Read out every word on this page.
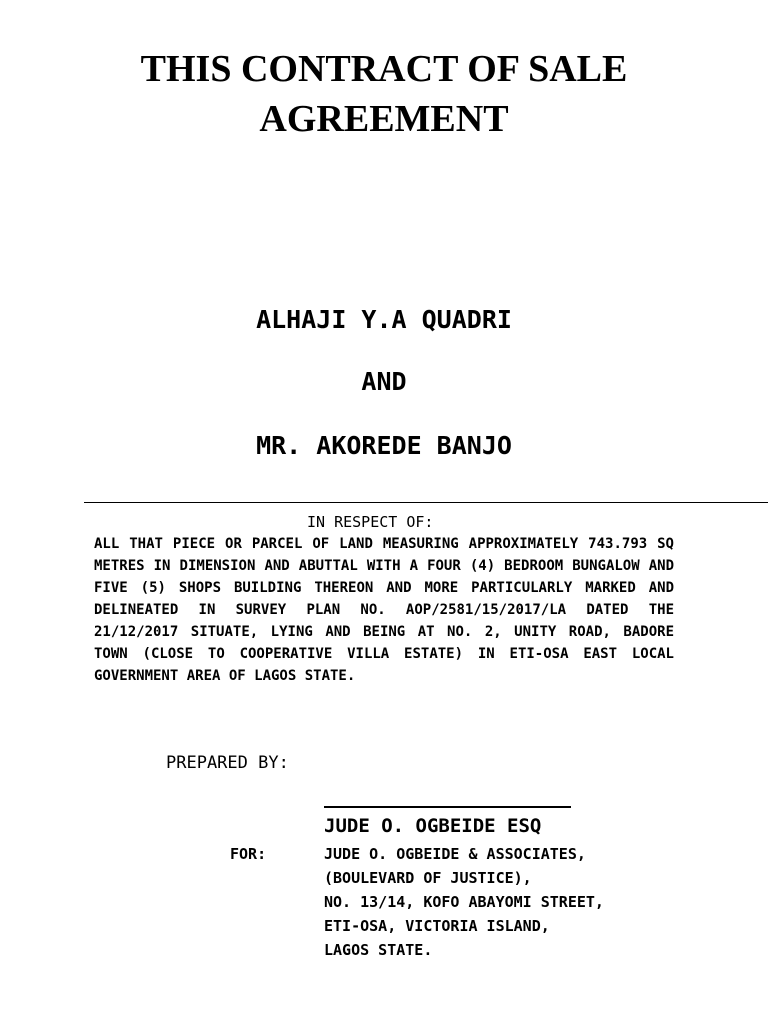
THIS CONTRACT OF SALE
AGREEMENT
ALHAJI Y.A QUADRI
AND
MR. AKOREDE BANJO
IN RESPECT OF:

ALL THAT PIECE OR PARCEL OF LAND MEASURING APPROXIMATELY 743.793 SQ METRES IN DIMENSION AND ABUTTAL WITH A FOUR (4) BEDROOM BUNGALOW AND FIVE (5) SHOPS BUILDING THEREON AND MORE PARTICULARLY MARKED AND DELINEATED IN SURVEY PLAN NO. AOP/2581/15/2017/LA DATED THE 21/12/2017 SITUATE, LYING AND BEING AT NO. 2, UNITY ROAD, BADORE TOWN (CLOSE TO COOPERATIVE VILLA ESTATE) IN ETI-OSA EAST LOCAL GOVERNMENT AREA OF LAGOS STATE.

PREPARED BY:
JUDE O. OGBEIDE ESQ
FOR:	JUDE O. OGBEIDE & ASSOCIATES,
(BOULEVARD OF JUSTICE),
NO. 13/14, KOFO ABAYOMI STREET,
ETI-OSA, VICTORIA ISLAND,
LAGOS STATE.
